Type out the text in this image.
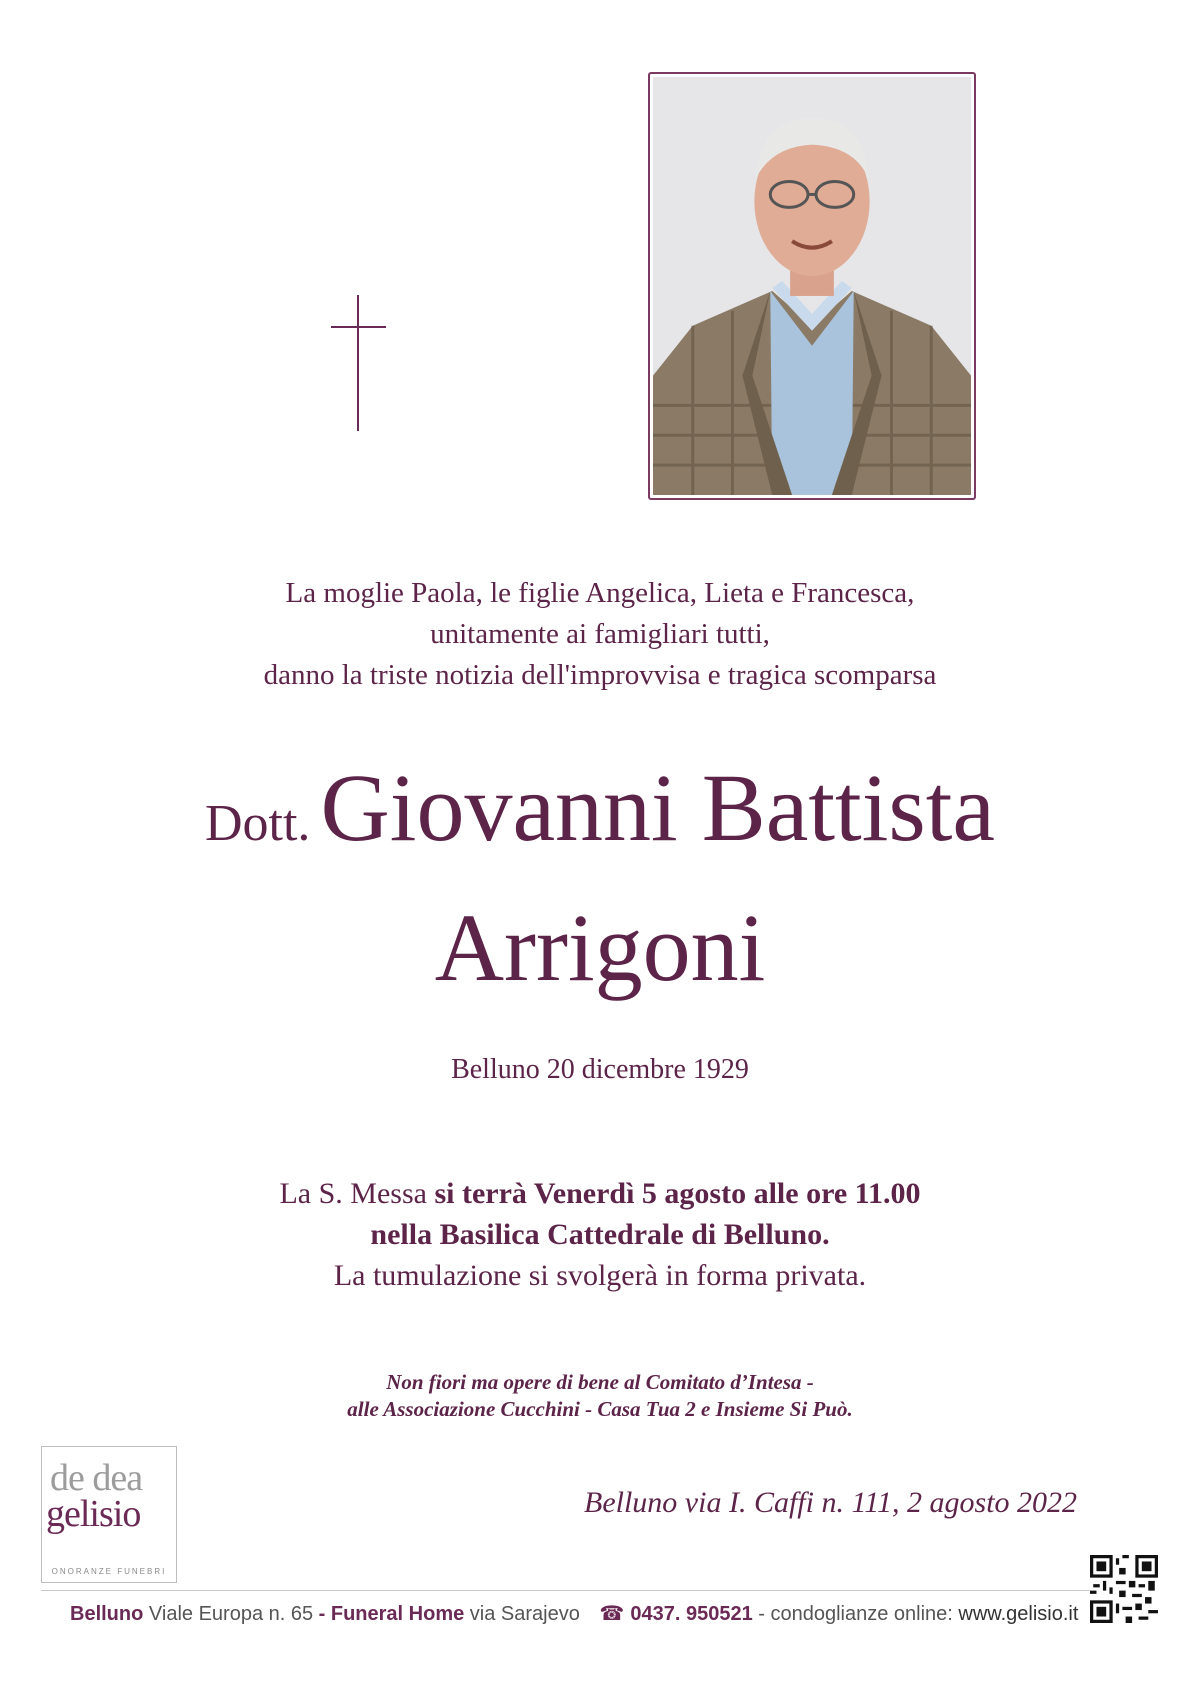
La moglie Paola, le figlie Angelica, Lieta e Francesca,
unitamente ai famigliari tutti,
danno la triste notizia dell'improvvisa e tragica scomparsa
Dott. Giovanni Battista
Arrigoni
Belluno 20 dicembre 1929
La S. Messa si terrà Venerdì 5 agosto alle ore 11.00
nella Basilica Cattedrale di Belluno.
La tumulazione si svolgerà in forma privata.
Non fiori ma opere di bene al Comitato d’Intesa -
alle Associazione Cucchini - Casa Tua 2 e Insieme Si Può.
Belluno via I. Caffi n. 111, 2 agosto 2022
de dea
gelisio
ONORANZE FUNEBRI
Belluno Viale Europa n. 65 - Funeral Home via Sarajevo ☎ 0437. 950521 - condoglianze online: www.gelisio.it
